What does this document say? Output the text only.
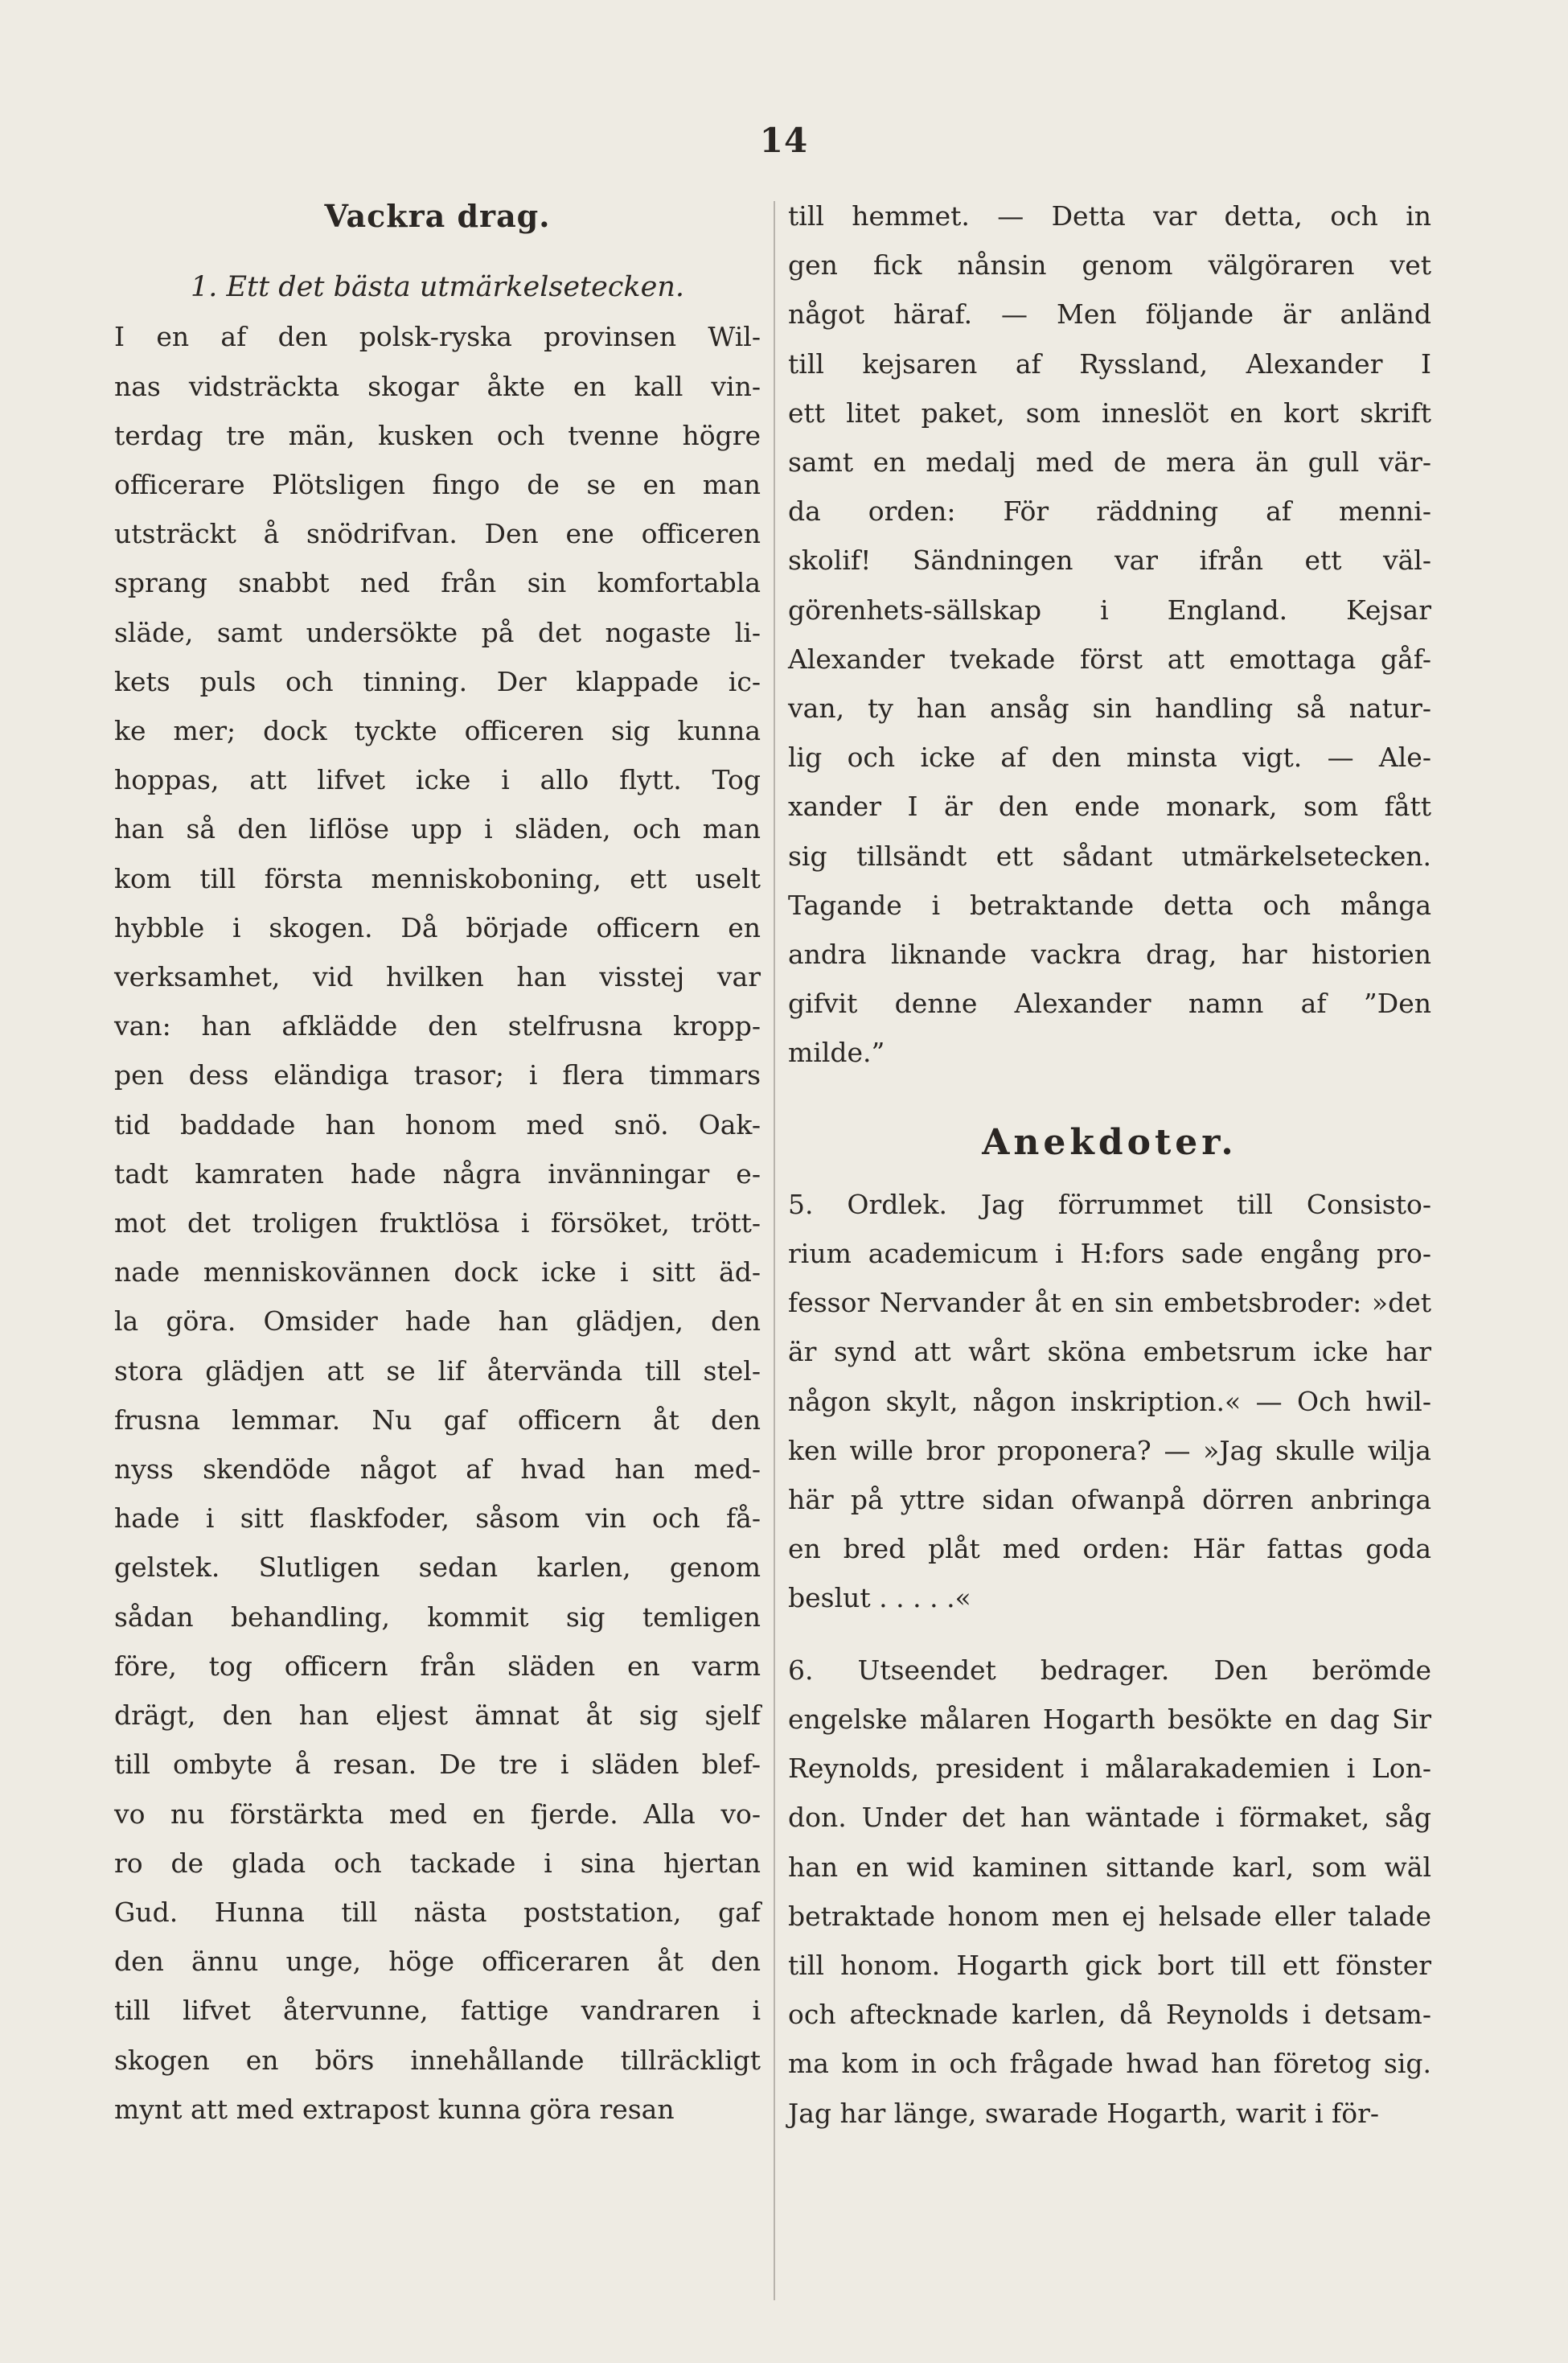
14
Vackra drag.
1. Ett det bästa utmärkelsetecken.
I en af den polsk-ryska provinsen Wil-
nas vidsträckta skogar åkte en kall vin-
terdag tre män, kusken och tvenne högre
officerare Plötsligen fingo de se en man
utsträckt å snödrifvan. Den ene officeren
sprang snabbt ned från sin komfortabla
släde, samt undersökte på det nogaste li-
kets puls och tinning. Der klappade ic-
ke mer; dock tyckte officeren sig kunna
hoppas, att lifvet icke i allo flytt. Tog
han så den liflöse upp i släden, och man
kom till första menniskoboning, ett uselt
hybble i skogen. Då började officern en
verksamhet, vid hvilken han visstej var
van: han afklädde den stelfrusna kropp-
pen dess eländiga trasor; i flera timmars
tid baddade han honom med snö. Oak-
tadt kamraten hade några invänningar e-
mot det troligen fruktlösa i försöket, trött-
nade menniskovännen dock icke i sitt äd-
la göra. Omsider hade han glädjen, den
stora glädjen att se lif återvända till stel-
frusna lemmar. Nu gaf officern åt den
nyss skendöde något af hvad han med-
hade i sitt flaskfoder, såsom vin och få-
gelstek. Slutligen sedan karlen, genom
sådan behandling, kommit sig temligen
före, tog officern från släden en varm
drägt, den han eljest ämnat åt sig sjelf
till ombyte å resan. De tre i släden blef-
vo nu förstärkta med en fjerde. Alla vo-
ro de glada och tackade i sina hjertan
Gud. Hunna till nästa poststation, gaf
den ännu unge, höge officeraren åt den
till lifvet återvunne, fattige vandraren i
skogen en börs innehållande tillräckligt
mynt att med extrapost kunna göra resan
till hemmet. — Detta var detta, och in
gen fick nånsin genom välgöraren vet
något häraf. — Men följande är anländ
till kejsaren af Ryssland, Alexander I
ett litet paket, som inneslöt en kort skrift
samt en medalj med de mera än gull vär-
da orden: För räddning af menni-
skolif! Sändningen var ifrån ett väl-
görenhets-sällskap i England. Kejsar
Alexander tvekade först att emottaga gåf-
van, ty han ansåg sin handling så natur-
lig och icke af den minsta vigt. — Ale-
xander I är den ende monark, som fått
sig tillsändt ett sådant utmärkelsetecken.
Tagande i betraktande detta och många
andra liknande vackra drag, har historien
gifvit denne Alexander namn af ”Den
milde.”
Anekdoter.
5. Ordlek. Jag förrummet till Consisto-
rium academicum i H:fors sade engång pro-
fessor Nervander åt en sin embetsbroder: »det
är synd att wårt sköna embetsrum icke har
någon skylt, någon inskription.« — Och hwil-
ken wille bror proponera? — »Jag skulle wilja
här på yttre sidan ofwanpå dörren anbringa
en bred plåt med orden: Här fattas goda
beslut . . . . .«
6. Utseendet bedrager. Den berömde
engelske målaren Hogarth besökte en dag Sir
Reynolds, president i målarakademien i Lon-
don. Under det han wäntade i förmaket, såg
han en wid kaminen sittande karl, som wäl
betraktade honom men ej helsade eller talade
till honom. Hogarth gick bort till ett fönster
och aftecknade karlen, då Reynolds i detsam-
ma kom in och frågade hwad han företog sig.
Jag har länge, swarade Hogarth, warit i för-
